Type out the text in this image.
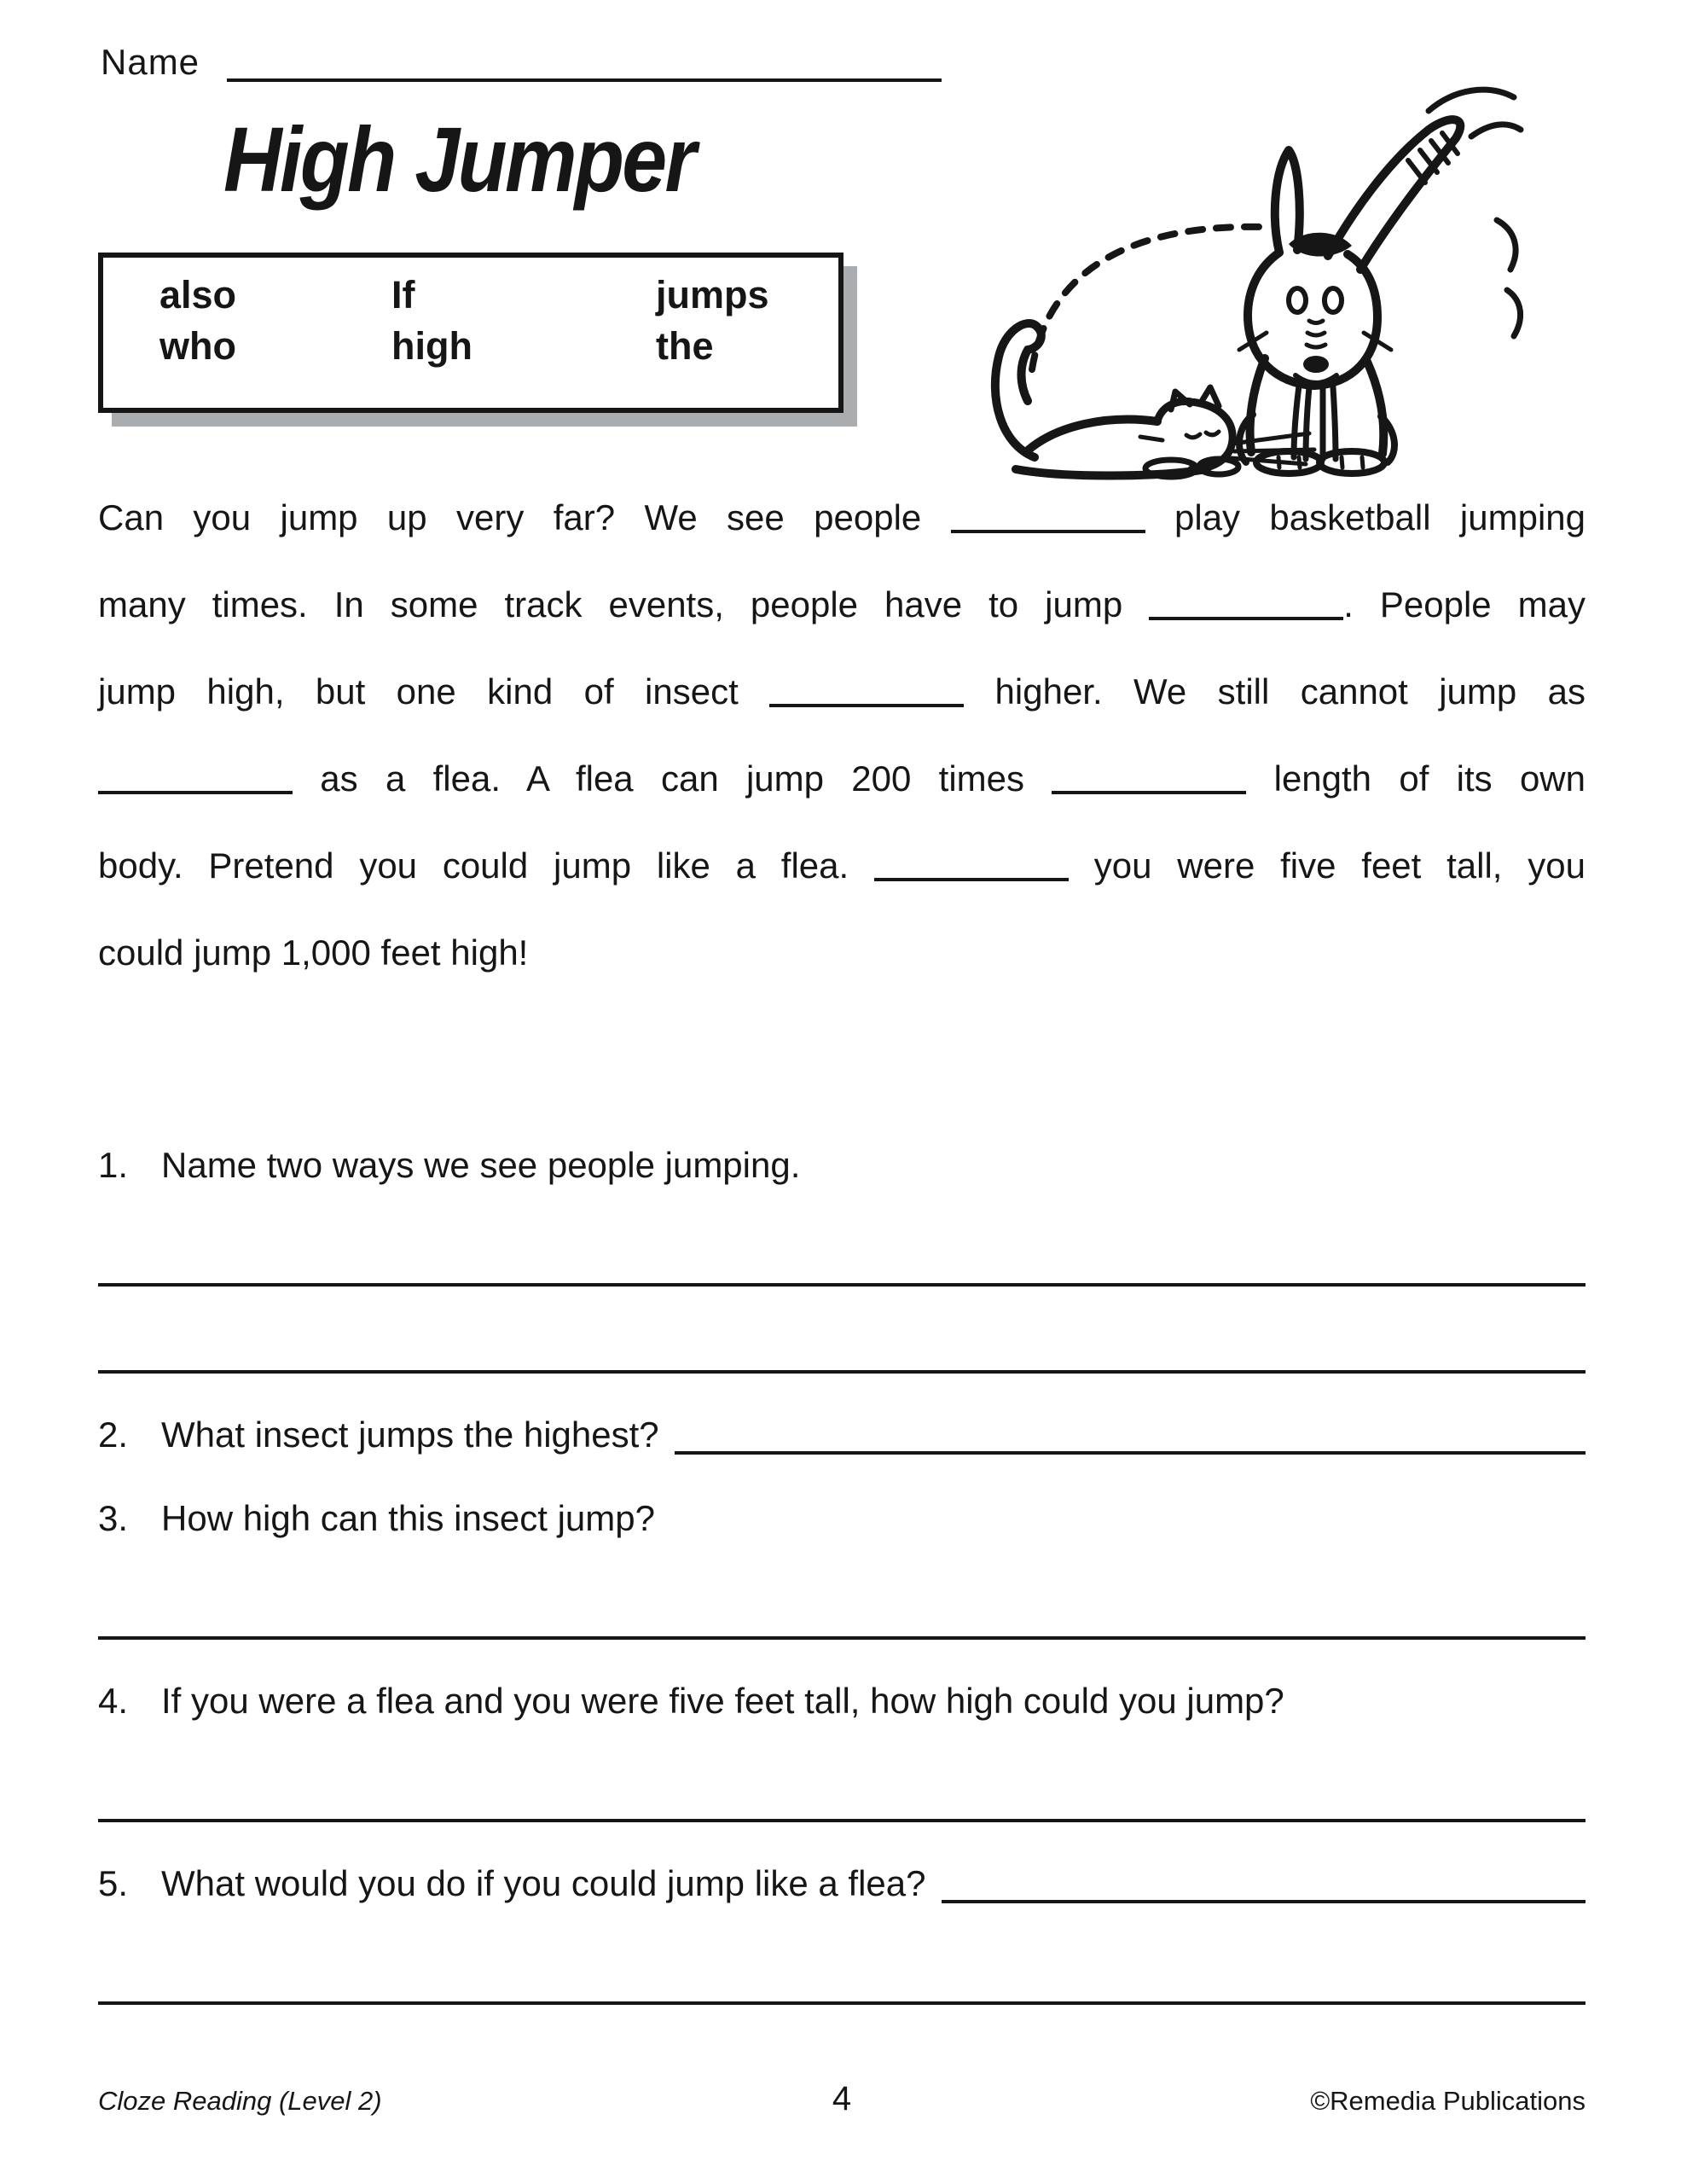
Name
High Jumper
also	If	jumps
who	high	the
Can you jump up very far? We see people	play basketball jumping
many times. In some track events, people have to jump	. People may
jump high, but one kind of insect	higher. We still cannot jump as
as a flea. A flea can jump 200 times	length of its own
body. Pretend you could jump like a flea.	you were five feet tall, you
could jump 1,000 feet high!
1. Name two ways we see people jumping.
2. What insect jumps the highest?
3. How high can this insect jump?
4. If you were a flea and you were five feet tall, how high could you jump?
5. What would you do if you could jump like a flea?
Cloze Reading (Level 2)	4	©Remedia Publications
